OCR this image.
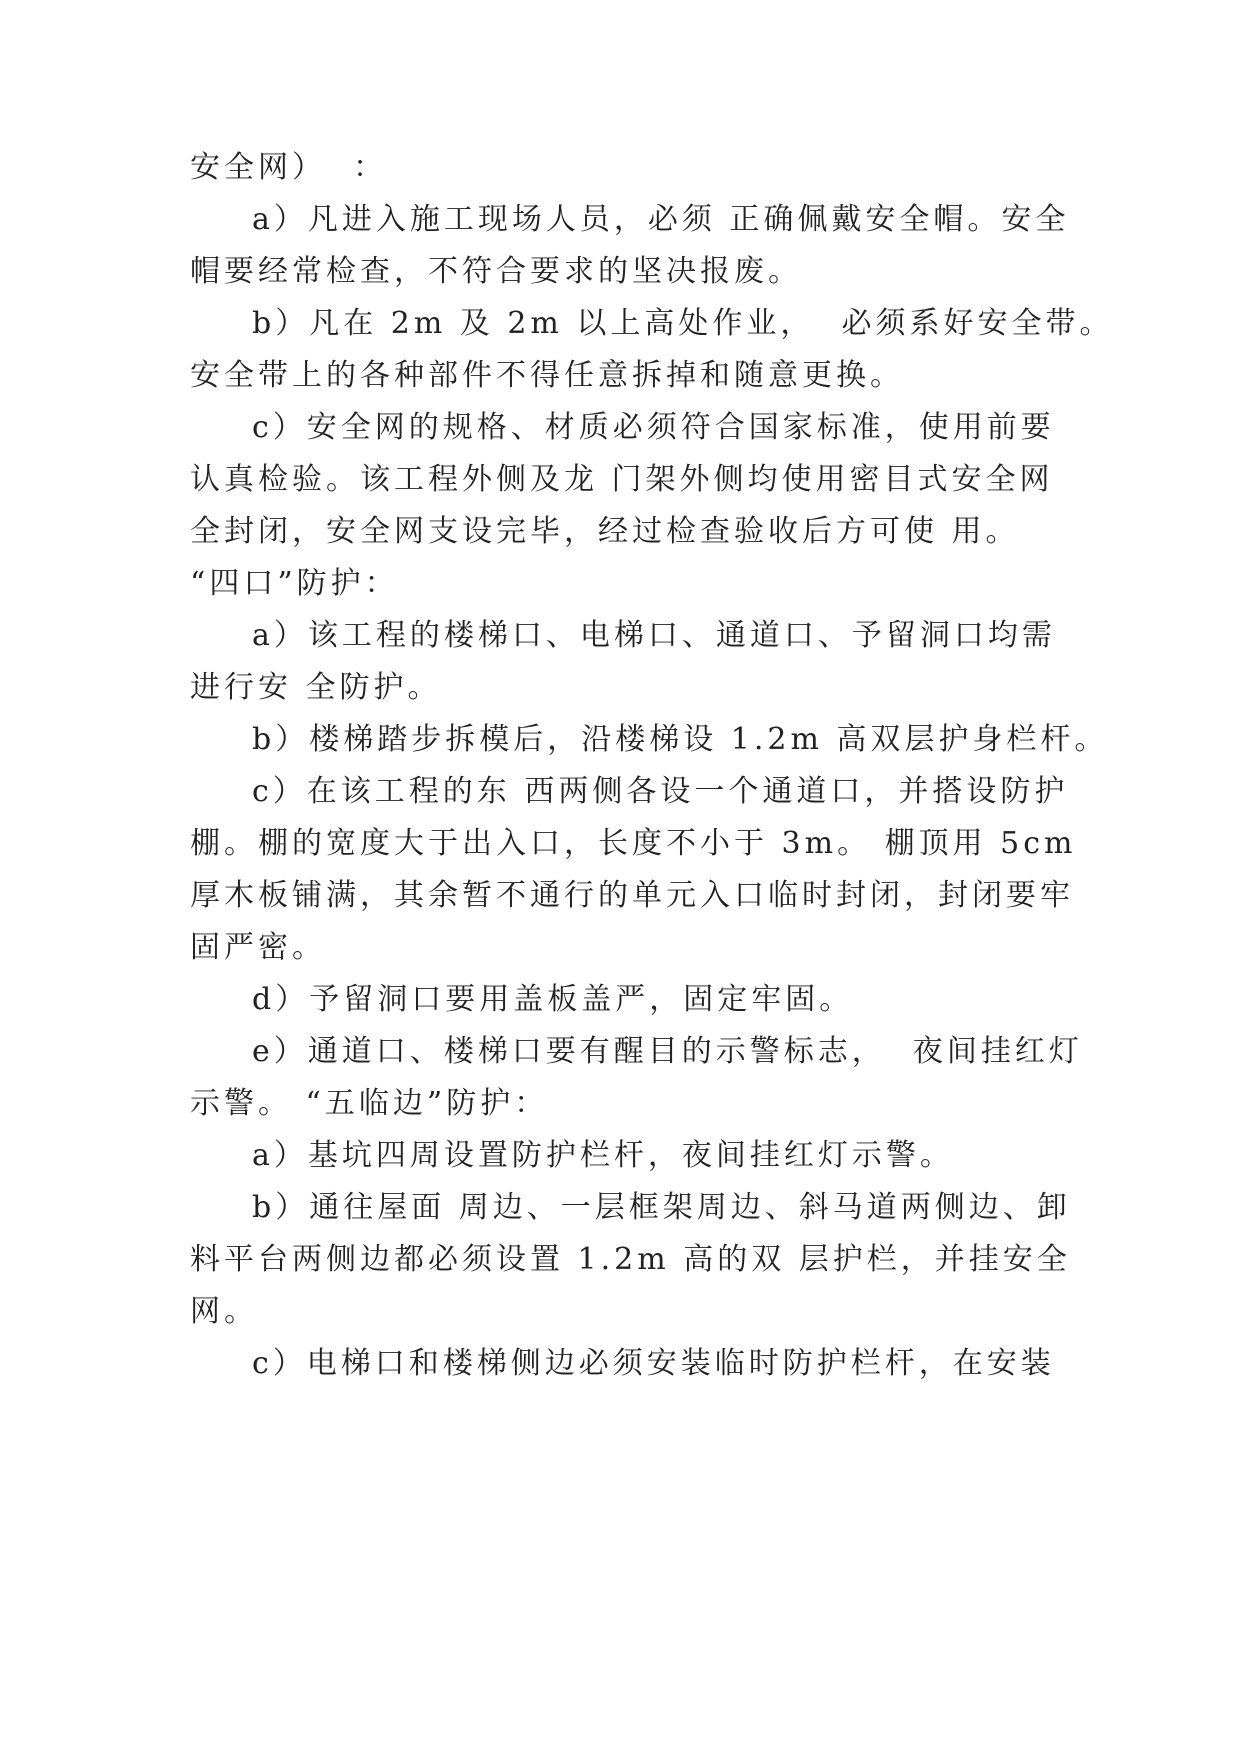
安全网）  ：
a）凡进入施工现场人员，必须 正确佩戴安全帽。安全
帽要经常检查，不符合要求的坚决报废。
b）凡在 2m 及 2m 以上高处作业，  必须系好安全带。
安全带上的各种部件不得任意拆掉和随意更换。
c）安全网的规格、材质必须符合国家标准，使用前要
认真检验。该工程外侧及龙 门架外侧均使用密目式安全网
全封闭，安全网支设完毕，经过检查验收后方可使 用。
“四口”防护：
a）该工程的楼梯口、电梯口、通道口、予留洞口均需
进行安 全防护。
b）楼梯踏步拆模后，沿楼梯设 1.2m 高双层护身栏杆。
c）在该工程的东 西两侧各设一个通道口，并搭设防护
棚。棚的宽度大于出入口，长度不小于 3m。 棚顶用 5cm
厚木板铺满，其余暂不通行的单元入口临时封闭，封闭要牢
固严密。
d）予留洞口要用盖板盖严，固定牢固。
e）通道口、楼梯口要有醒目的示警标志，  夜间挂红灯
示警。 “五临边”防护：
a）基坑四周设置防护栏杆，夜间挂红灯示警。
b）通往屋面 周边、一层框架周边、斜马道两侧边、卸
料平台两侧边都必须设置 1.2m 高的双 层护栏，并挂安全
网。
c）电梯口和楼梯侧边必须安装临时防护栏杆，在安装
